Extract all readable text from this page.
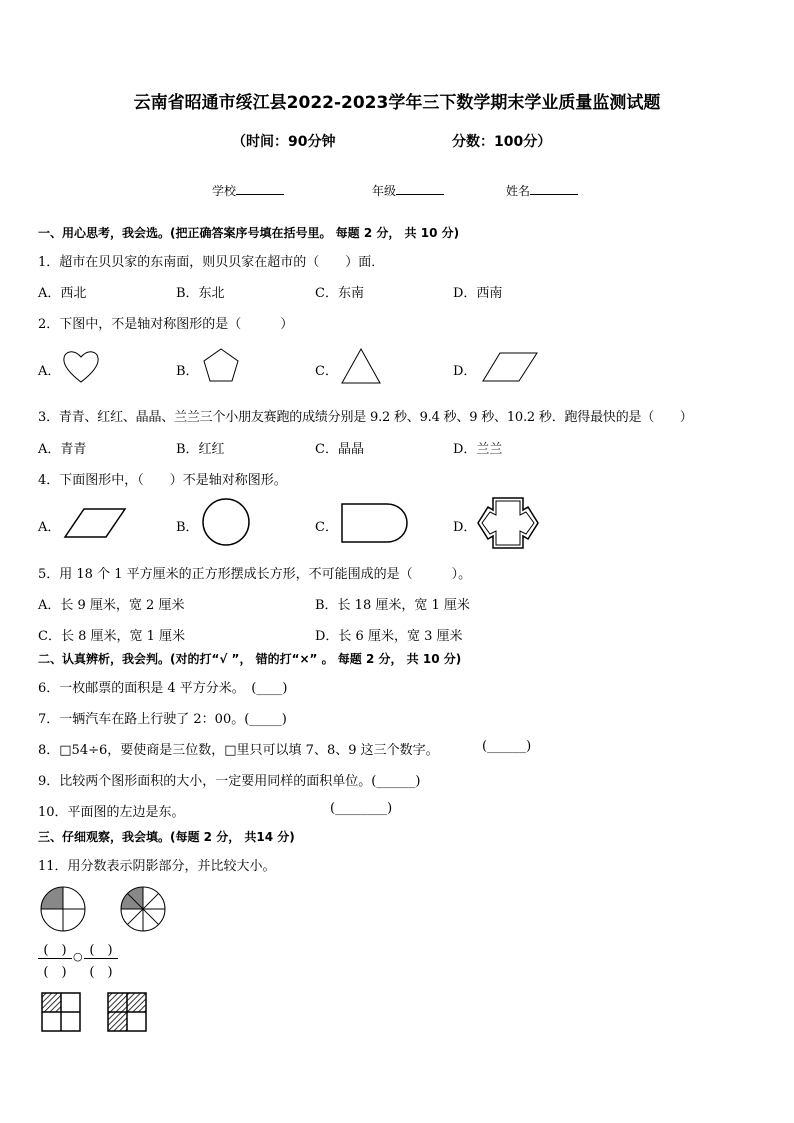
云南省昭通市绥江县2022-2023学年三下数学期末学业质量监测试题
（时间：90分钟	分数：100分）
学校	年级	姓名
一、用心思考，我会选。(把正确答案序号填在括号里。 每题 2 分， 共 10 分)
1．超市在贝贝家的东南面，则贝贝家在超市的（　　）面．
A．西北	B．东北	C．东南	D．西南
2．下图中，不是轴对称图形的是（　　　）
A．	B．	C．	D．
3．青青、红红、晶晶、兰兰三个小朋友赛跑的成绩分别是 9.2 秒、9.4 秒、9 秒、10.2 秒．跑得最快的是（　　）
A．青青	B．红红	C．晶晶	D．兰兰
4．下面图形中，（　　）不是轴对称图形。
A．	B．	C．	D．
5．用 18 个 1 平方厘米的正方形摆成长方形，不可能围成的是（　　　）。
A．长 9 厘米，宽 2 厘米	B．长 18 厘米，宽 1 厘米
C．长 8 厘米，宽 1 厘米	D．长 6 厘米，宽 3 厘米
二、认真辨析，我会判。(对的打“√ ”， 错的打“×” 。 每题 2 分， 共 10 分)
6．一枚邮票的面积是 4 平方分米。　(____)
7．一辆汽车在路上行驶了 2：00。(_____)
8．□54÷6，要使商是三位数，□里只可以填 7、8、9 这三个数字。	(______)
9．比较两个图形面积的大小，一定要用同样的面积单位。(______)
10．平面图的左边是东。	(________)
三、仔细观察，我会填。(每题 2 分， 共14 分)
11．用分数表示阴影部分，并比较大小。
(　)
(　)
○ (　)
(　)
